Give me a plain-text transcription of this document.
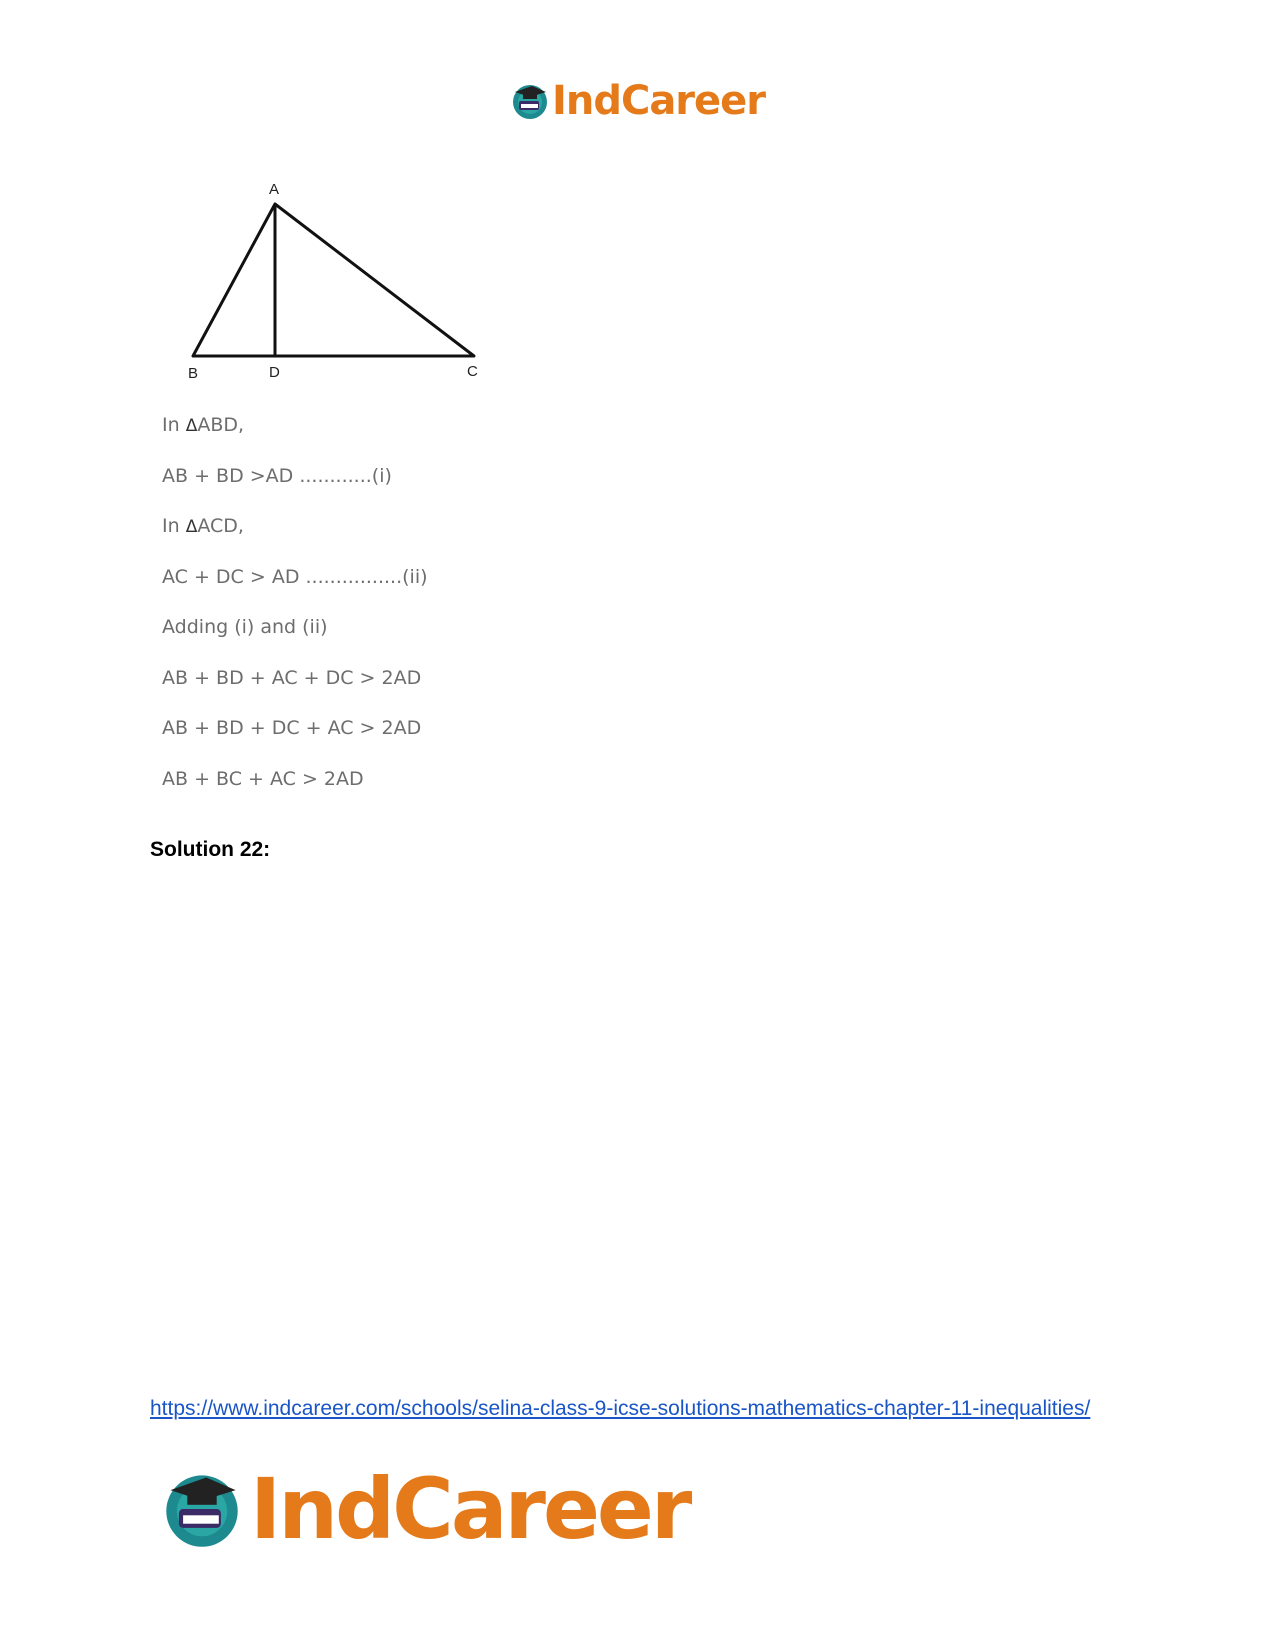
IndCareer
A
B	D	C
In ΔABD,
AB + BD >AD ............(i)
In ΔACD,
AC + DC > AD ................(ii)
Adding (i) and (ii)
AB + BD + AC + DC > 2AD
AB + BD + DC + AC > 2AD
AB + BC + AC > 2AD
Solution 22:
https://www.indcareer.com/schools/selina-class-9-icse-solutions-mathematics-chapter-11-inequalities/
IndCareer
